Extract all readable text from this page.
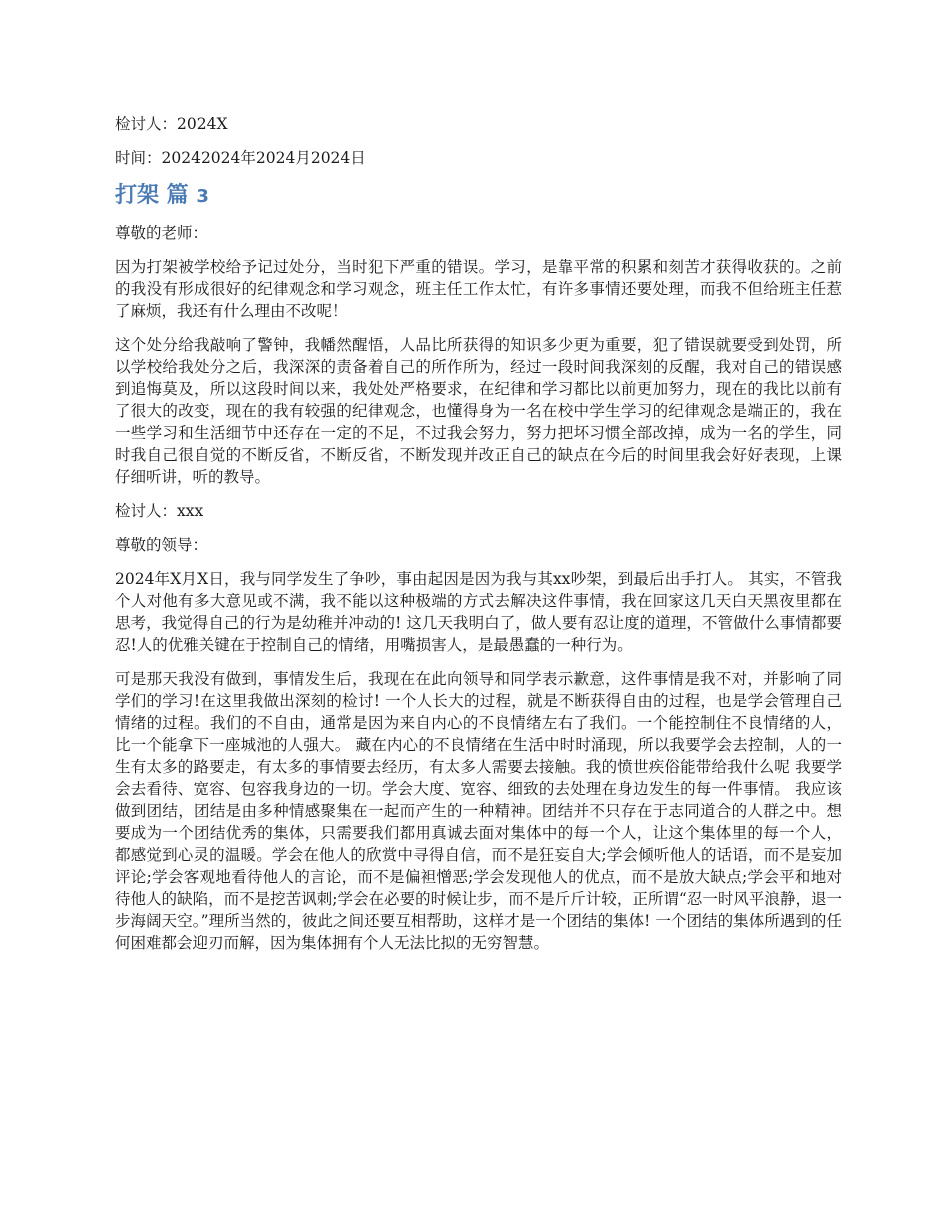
检讨人：2024X

时间：20242024年2024月2024日

打架 篇 3

尊敬的老师：

因为打架被学校给予记过处分，当时犯下严重的错误。学习，是靠平常的积累和刻苦才获得收获的。之前的我没有形成很好的纪律观念和学习观念，班主任工作太忙，有许多事情还要处理，而我不但给班主任惹了麻烦，我还有什么理由不改呢！

这个处分给我敲响了警钟，我幡然醒悟，人品比所获得的知识多少更为重要，犯了错误就要受到处罚，所以学校给我处分之后，我深深的责备着自己的所作所为，经过一段时间我深刻的反醒，我对自己的错误感到追悔莫及，所以这段时间以来，我处处严格要求，在纪律和学习都比以前更加努力，现在的我比以前有了很大的改变，现在的我有较强的纪律观念，也懂得身为一名在校中学生学习的纪律观念是端正的，我在一些学习和生活细节中还存在一定的不足，不过我会努力，努力把坏习惯全部改掉，成为一名的学生，同时我自己很自觉的不断反省，不断反省，不断发现并改正自己的缺点在今后的时间里我会好好表现，上课仔细听讲，听的教导。

检讨人：xxx

尊敬的领导：

2024年X月X日，我与同学发生了争吵，事由起因是因为我与其xx吵架，到最后出手打人。 其实，不管我个人对他有多大意见或不满，我不能以这种极端的方式去解决这件事情，我在回家这几天白天黑夜里都在思考，我觉得自己的行为是幼稚并冲动的! 这几天我明白了，做人要有忍让度的道理，不管做什么事情都要忍!人的优雅关键在于控制自己的情绪，用嘴损害人，是最愚蠢的一种行为。

可是那天我没有做到，事情发生后，我现在在此向领导和同学表示歉意，这件事情是我不对，并影响了同学们的学习!在这里我做出深刻的检讨! 一个人长大的过程，就是不断获得自由的过程，也是学会管理自己情绪的过程。我们的不自由，通常是因为来自内心的不良情绪左右了我们。一个能控制住不良情绪的人，比一个能拿下一座城池的人强大。 藏在内心的不良情绪在生活中时时涌现，所以我要学会去控制，人的一生有太多的路要走，有太多的事情要去经历，有太多人需要去接触。我的愤世疾俗能带给我什么呢 我要学会去看待、宽容、包容我身边的一切。学会大度、宽容、细致的去处理在身边发生的每一件事情。 我应该做到团结，团结是由多种情感聚集在一起而产生的一种精神。团结并不只存在于志同道合的人群之中。想要成为一个团结优秀的集体，只需要我们都用真诚去面对集体中的每一个人，让这个集体里的每一个人，都感觉到心灵的温暖。学会在他人的欣赏中寻得自信，而不是狂妄自大;学会倾听他人的话语，而不是妄加评论;学会客观地看待他人的言论，而不是偏袒憎恶;学会发现他人的优点，而不是放大缺点;学会平和地对待他人的缺陷，而不是挖苦讽刺;学会在必要的时候让步，而不是斤斤计较，正所谓“忍一时风平浪静，退一步海阔天空。”理所当然的，彼此之间还要互相帮助，这样才是一个团结的集体! 一个团结的集体所遇到的任何困难都会迎刃而解，因为集体拥有个人无法比拟的无穷智慧。
